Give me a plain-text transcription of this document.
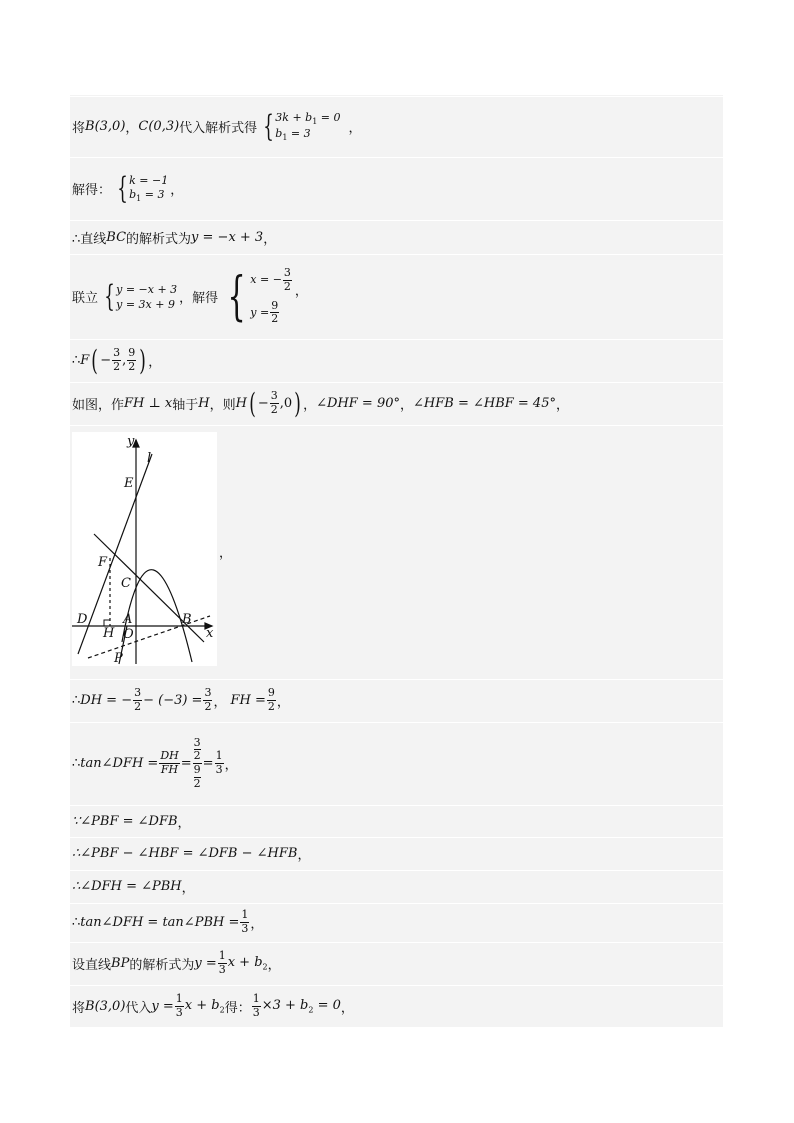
将 B(3,0) ， C(0,3) 代入解析式得 { $3k + b_1 = 0$
$b_1 = 3$	，
解得： { k = −1
$b_1 = 3$ ，
∴直线 BC 的解析式为 y = −x + 3 ，
联立 { y = −x + 3
y = 3x + 9 ，解得 { x = − $\frac{3}{2}$
$y = \frac{9}{2}$
，
∴ F ( − $\frac{3}{2}$ , $\frac{9}{2}$ ) ，
如图，作 FH ⊥ x 轴于 H ，则 H ( − $\frac{3}{2} ,0$ ) ， ∠DHF = 90° ， ∠HFB = ∠HBF = 45° ，
y
x
l
E
F
C
D
H
A
O
B
P
，
∴ DH = − $\frac{3}{2} - (-3) = \frac{3}{2}$ ， FH = $\frac{9}{2}$ ，
∴ tan∠DFH = $\frac{DH}{FH} = \frac{\frac{3}{2}}{\frac{9}{2}} = \frac{1}{3}$ ，
∵∠PBF = ∠DFB ，
∴∠PBF − ∠HBF = ∠DFB − ∠HFB ，
∴∠DFH = ∠PBH ，
∴ tan∠DFH = tan∠PBH = $\frac{1}{3}$ ，
设直线 BP 的解析式为 $y = \frac{1}{3}$ $x + b_2$ ，
将 B(3,0) 代入 $y = \frac{1}{3}$ $x + b_2$ 得： $\frac{1}{3} \times 3 + b_2 = 0$ ，
